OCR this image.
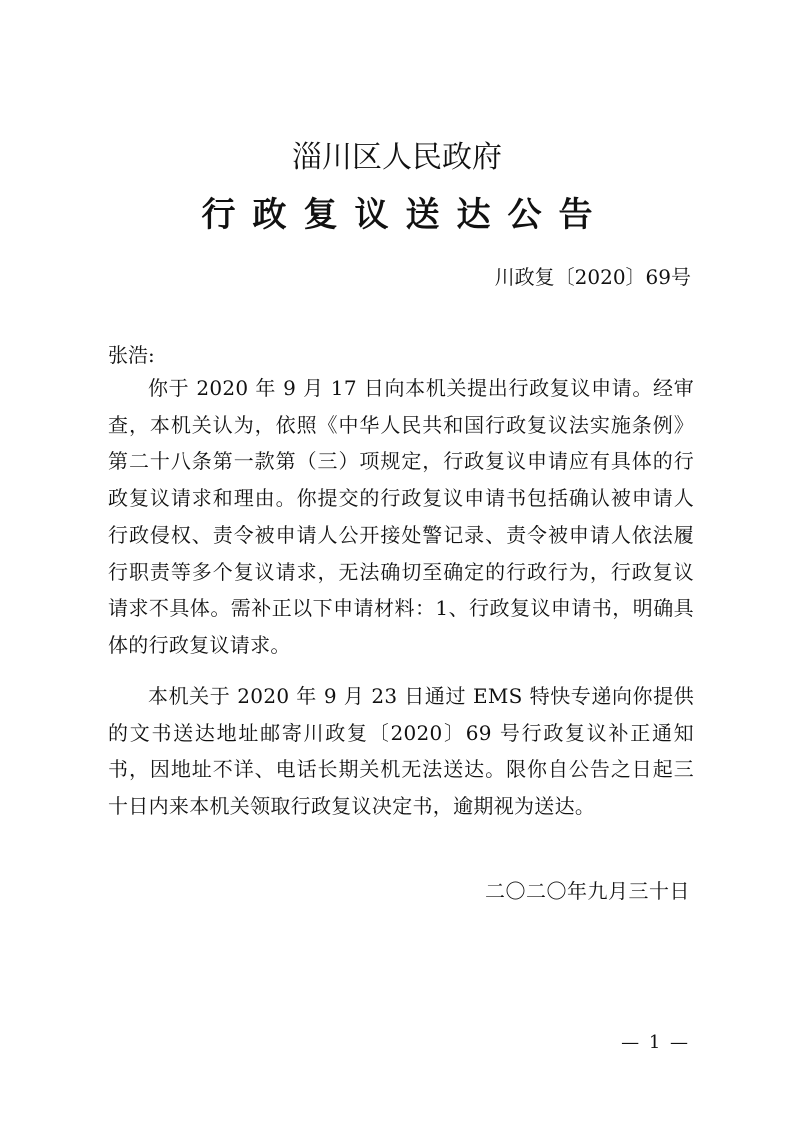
淄川区人民政府
行政复议送达公告
川政复〔2020〕69号
张浩:
你于 2020 年 9 月 17 日向本机关提出行政复议申请。经审查，本机关认为，依照《中华人民共和国行政复议法实施条例》第二十八条第一款第（三）项规定，行政复议申请应有具体的行政复议请求和理由。你提交的行政复议申请书包括确认被申请人行政侵权、责令被申请人公开接处警记录、责令被申请人依法履行职责等多个复议请求，无法确切至确定的行政行为，行政复议请求不具体。需补正以下申请材料：1、行政复议申请书，明确具体的行政复议请求。
本机关于 2020 年 9 月 23 日通过 EMS 特快专递向你提供的文书送达地址邮寄川政复〔2020〕69 号行政复议补正通知书，因地址不详、电话长期关机无法送达。限你自公告之日起三十日内来本机关领取行政复议决定书，逾期视为送达。
二〇二〇年九月三十日
— 1 —
